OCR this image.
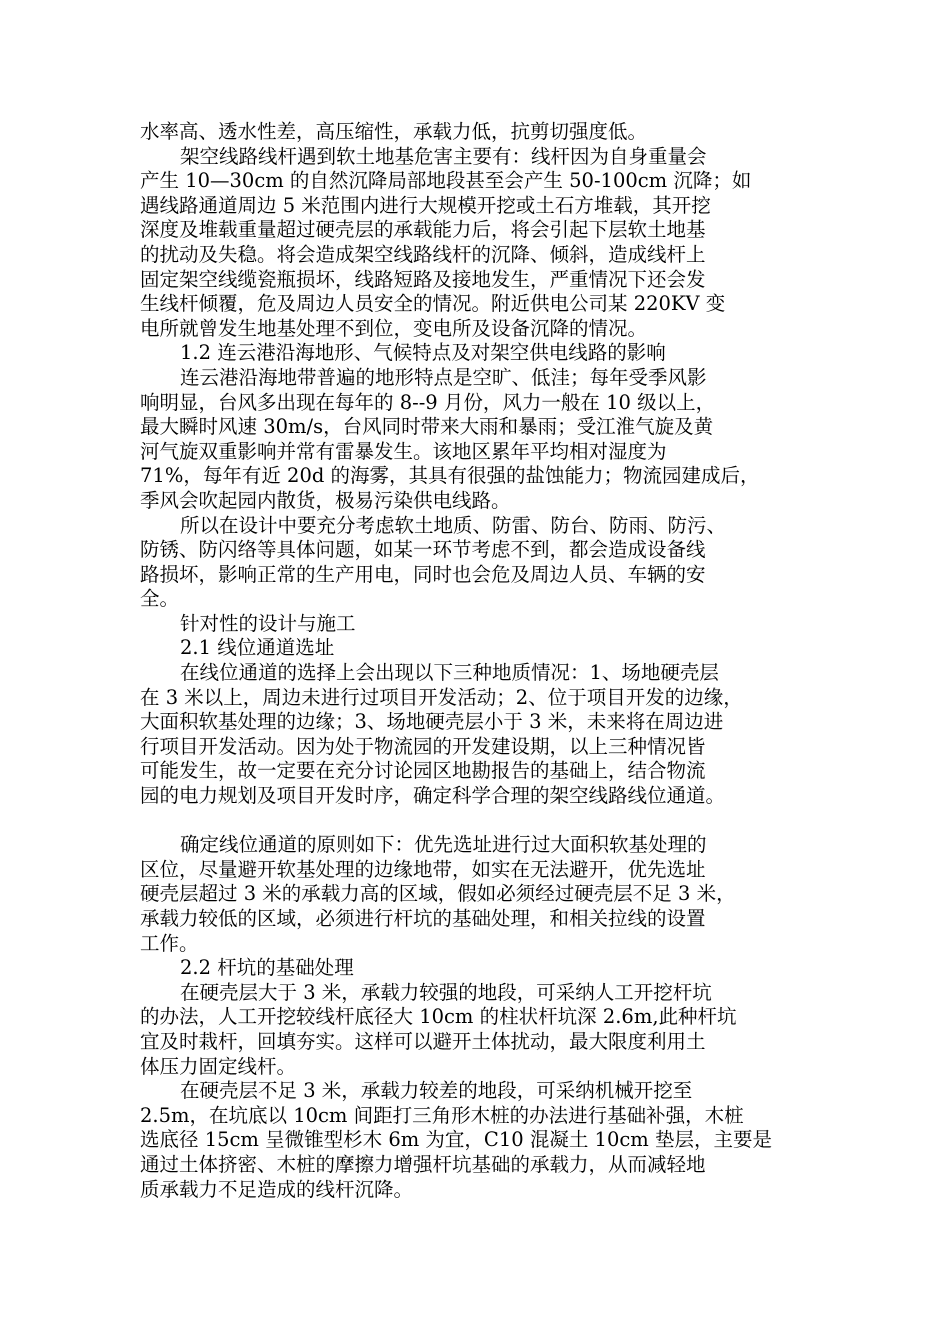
水率高、透水性差，高压缩性，承载力低，抗剪切强度低。
架空线路线杆遇到软土地基危害主要有：线杆因为自身重量会
产生 10—30cm 的自然沉降局部地段甚至会产生 50-100cm 沉降；如
遇线路通道周边 5 米范围内进行大规模开挖或土石方堆载，其开挖
深度及堆载重量超过硬壳层的承载能力后，将会引起下层软土地基
的扰动及失稳。将会造成架空线路线杆的沉降、倾斜，造成线杆上
固定架空线缆瓷瓶损坏，线路短路及接地发生，严重情况下还会发
生线杆倾覆，危及周边人员安全的情况。附近供电公司某 220KV 变
电所就曾发生地基处理不到位，变电所及设备沉降的情况。
1.2 连云港沿海地形、气候特点及对架空供电线路的影响
连云港沿海地带普遍的地形特点是空旷、低洼；每年受季风影
响明显，台风多出现在每年的 8--9 月份，风力一般在 10 级以上，
最大瞬时风速 30m/s，台风同时带来大雨和暴雨；受江淮气旋及黄
河气旋双重影响并常有雷暴发生。该地区累年平均相对湿度为
71%，每年有近 20d 的海雾，其具有很强的盐蚀能力；物流园建成后，
季风会吹起园内散货，极易污染供电线路。
所以在设计中要充分考虑软土地质、防雷、防台、防雨、防污、
防锈、防闪络等具体问题，如某一环节考虑不到，都会造成设备线
路损坏，影响正常的生产用电，同时也会危及周边人员、车辆的安
全。
针对性的设计与施工
2.1 线位通道选址
在线位通道的选择上会出现以下三种地质情况：1、场地硬壳层
在 3 米以上，周边未进行过项目开发活动；2、位于项目开发的边缘，
大面积软基处理的边缘；3、场地硬壳层小于 3 米，未来将在周边进
行项目开发活动。因为处于物流园的开发建设期，以上三种情况皆
可能发生，故一定要在充分讨论园区地勘报告的基础上，结合物流
园的电力规划及项目开发时序，确定科学合理的架空线路线位通道。
确定线位通道的原则如下：优先选址进行过大面积软基处理的
区位，尽量避开软基处理的边缘地带，如实在无法避开，优先选址
硬壳层超过 3 米的承载力高的区域，假如必须经过硬壳层不足 3 米，
承载力较低的区域，必须进行杆坑的基础处理，和相关拉线的设置
工作。
2.2 杆坑的基础处理
在硬壳层大于 3 米，承载力较强的地段，可采纳人工开挖杆坑
的办法，人工开挖较线杆底径大 10cm 的柱状杆坑深 2.6m,此种杆坑
宜及时栽杆，回填夯实。这样可以避开土体扰动，最大限度利用土
体压力固定线杆。
在硬壳层不足 3 米，承载力较差的地段，可采纳机械开挖至
2.5m，在坑底以 10cm 间距打三角形木桩的办法进行基础补强，木桩
选底径 15cm 呈微锥型杉木 6m 为宜，C10 混凝土 10cm 垫层，主要是
通过土体挤密、木桩的摩擦力增强杆坑基础的承载力，从而减轻地
质承载力不足造成的线杆沉降。
